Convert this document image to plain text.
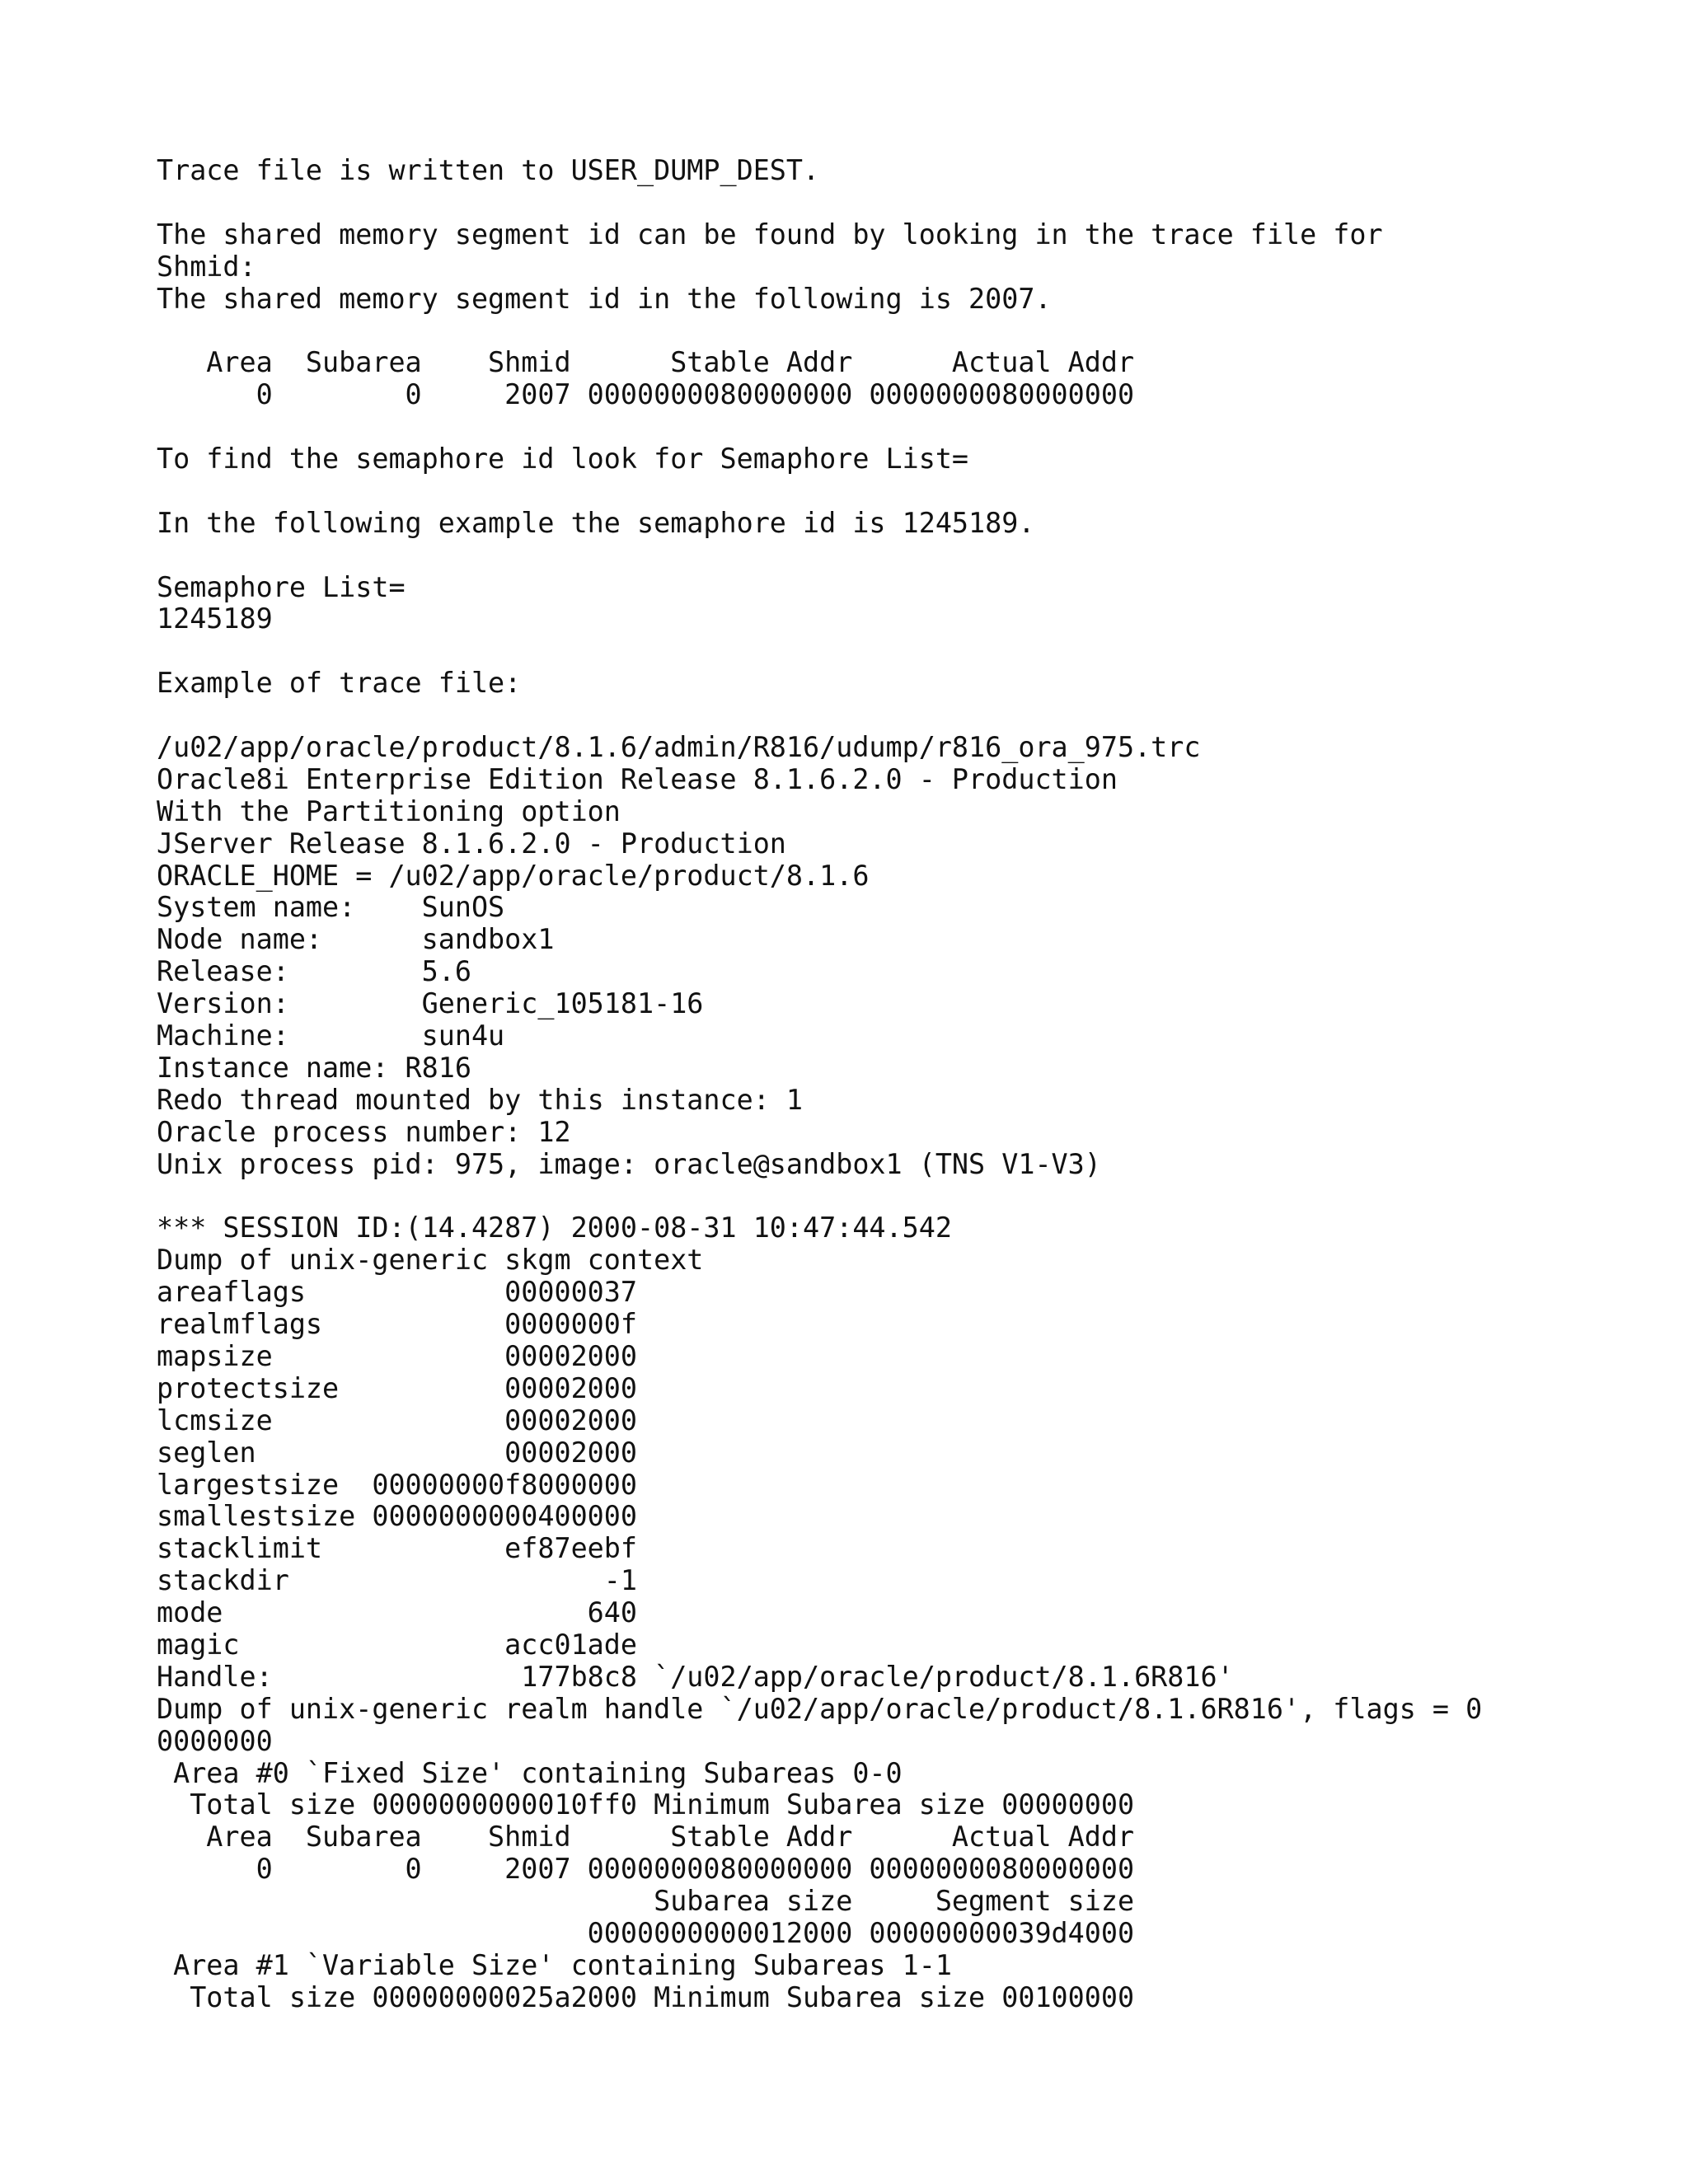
Trace file is written to USER_DUMP_DEST.
The shared memory segment id can be found by looking in the trace file for
Shmid:
The shared memory segment id in the following is 2007.
Area  Subarea    Shmid      Stable Addr      Actual Addr
0        0     2007 0000000080000000 0000000080000000
To find the semaphore id look for Semaphore List=
In the following example the semaphore id is 1245189.
Semaphore List=
1245189
Example of trace file:
/u02/app/oracle/product/8.1.6/admin/R816/udump/r816_ora_975.trc
Oracle8i Enterprise Edition Release 8.1.6.2.0 - Production
With the Partitioning option
JServer Release 8.1.6.2.0 - Production
ORACLE_HOME = /u02/app/oracle/product/8.1.6
System name:    SunOS
Node name:      sandbox1
Release:        5.6
Version:        Generic_105181-16
Machine:        sun4u
Instance name: R816
Redo thread mounted by this instance: 1
Oracle process number: 12
Unix process pid: 975, image: oracle@sandbox1 (TNS V1-V3)
*** SESSION ID:(14.4287) 2000-08-31 10:47:44.542
Dump of unix-generic skgm context
areaflags            00000037
realmflags           0000000f
mapsize              00002000
protectsize          00002000
lcmsize              00002000
seglen               00002000
largestsize  00000000f8000000
smallestsize 0000000000400000
stacklimit           ef87eebf
stackdir                   -1
mode                      640
magic                acc01ade
Handle:               177b8c8 `/u02/app/oracle/product/8.1.6R816'
Dump of unix-generic realm handle `/u02/app/oracle/product/8.1.6R816', flags = 0
0000000
Area #0 `Fixed Size' containing Subareas 0-0
Total size 0000000000010ff0 Minimum Subarea size 00000000
Area  Subarea    Shmid      Stable Addr      Actual Addr
0        0     2007 0000000080000000 0000000080000000
Subarea size     Segment size
0000000000012000 00000000039d4000
Area #1 `Variable Size' containing Subareas 1-1
Total size 00000000025a2000 Minimum Subarea size 00100000
